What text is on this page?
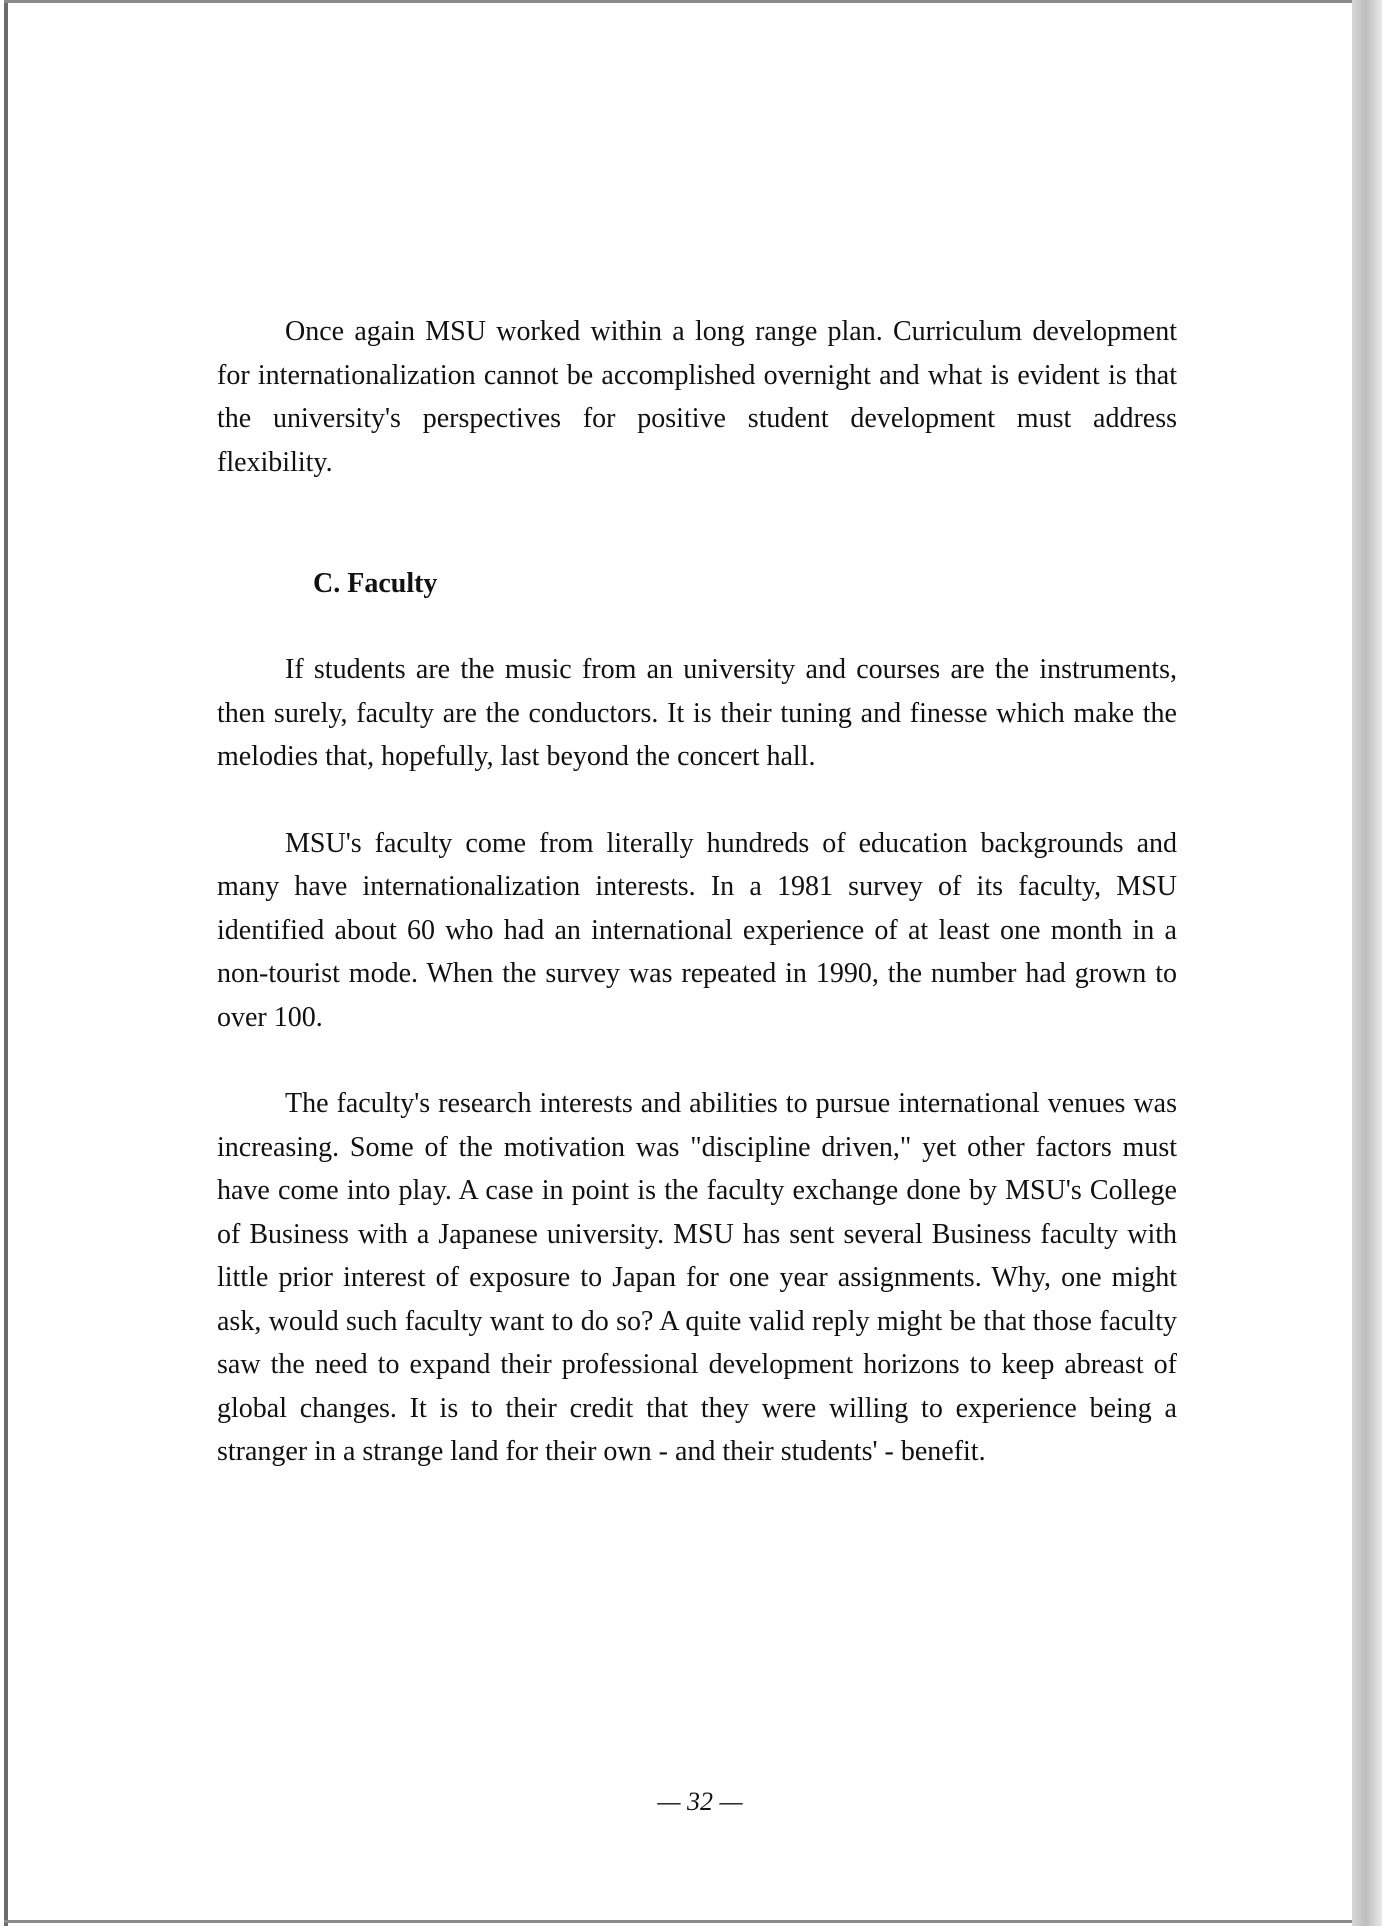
Once again MSU worked within a long range plan. Curriculum development for internationalization cannot be accomplished overnight and what is evident is that the university's perspectives for positive student development must address flexibility.

C. Faculty

If students are the music from an university and courses are the instruments, then surely, faculty are the conductors. It is their tuning and finesse which make the melodies that, hopefully, last beyond the concert hall.

MSU's faculty come from literally hundreds of education backgrounds and many have internationalization interests. In a 1981 survey of its faculty, MSU identified about 60 who had an international experience of at least one month in a non-tourist mode. When the survey was repeated in 1990, the number had grown to over 100.

The faculty's research interests and abilities to pursue international venues was increasing. Some of the motivation was "discipline driven," yet other factors must have come into play. A case in point is the faculty exchange done by MSU's College of Business with a Japanese university. MSU has sent several Business faculty with little prior interest of exposure to Japan for one year assignments. Why, one might ask, would such faculty want to do so? A quite valid reply might be that those faculty saw the need to expand their professional development horizons to keep abreast of global changes. It is to their credit that they were willing to experience being a stranger in a strange land for their own - and their students' - benefit.

— 32 —
